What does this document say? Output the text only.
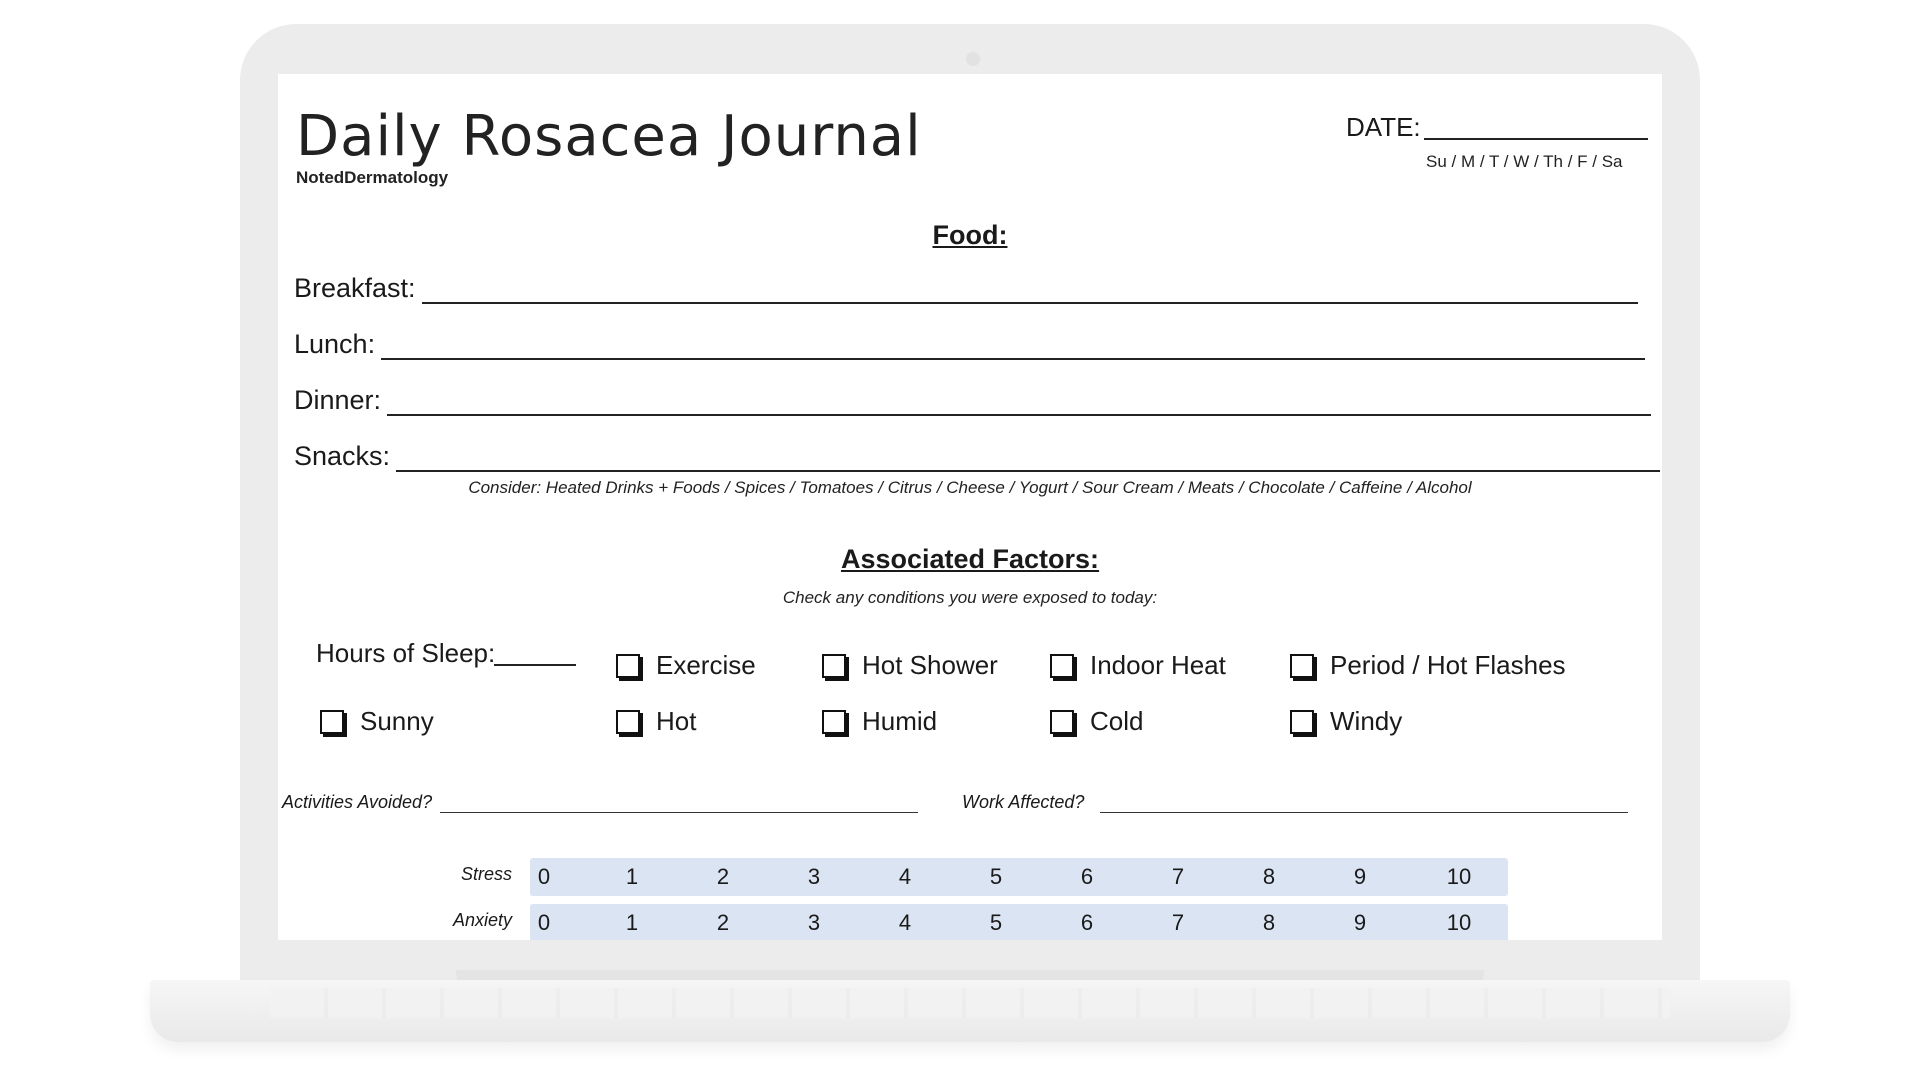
Daily Rosacea Journal
NotedDermatology
DATE:
Su / M / T / W / Th / F / Sa
Food:
Breakfast:
Lunch:
Dinner:
Snacks:
Consider: Heated Drinks + Foods / Spices / Tomatoes / Citrus / Cheese / Yogurt / Sour Cream / Meats / Chocolate / Caffeine / Alcohol
Associated Factors:
Check any conditions you were exposed to today:
Hours of Sleep:	Exercise	Hot Shower	Indoor Heat	Period / Hot Flashes
Sunny	Hot	Humid	Cold	Windy
Activities Avoided?	Work Affected?
Stress	0	1	2	3	4	5	6	7	8	9	10
Anxiety	0	1	2	3	4	5	6	7	8	9	10
